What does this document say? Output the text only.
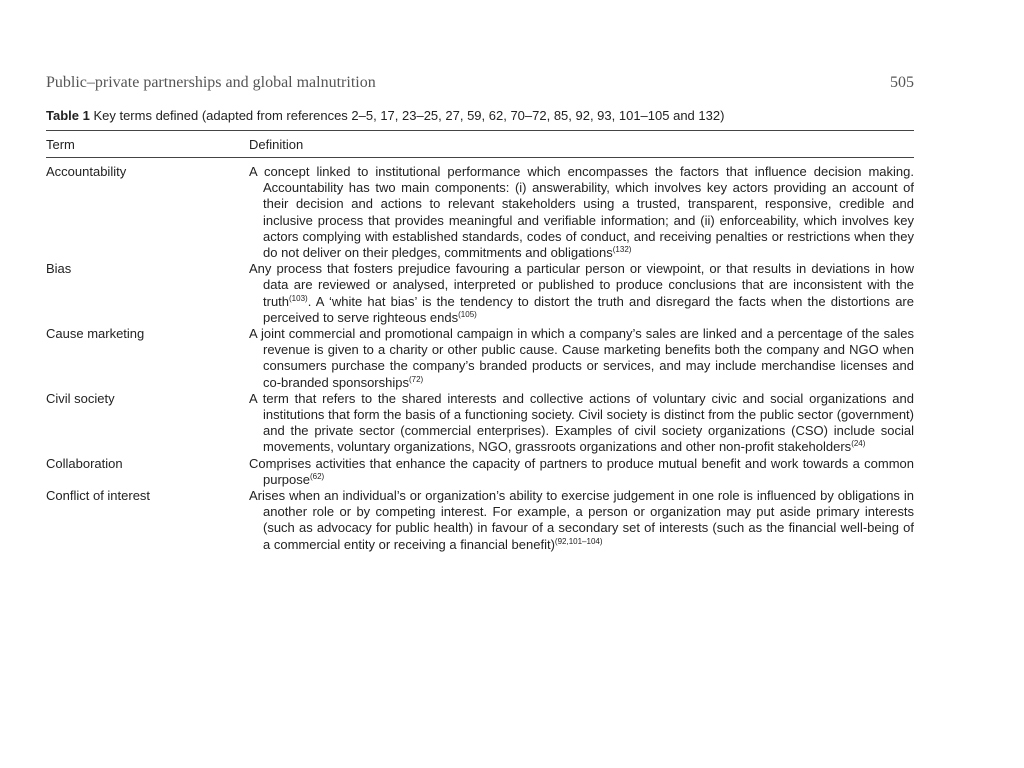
Public–private partnerships and global malnutrition	505
Table 1 Key terms defined (adapted from references 2–5, 17, 23–25, 27, 59, 62, 70–72, 85, 92, 93, 101–105 and 132)
Term	Definition
Accountability	A concept linked to institutional performance which encompasses the factors that influence decision making. Accountability has two main components: (i) answerability, which involves key actors providing an account of their decision and actions to relevant stakeholders using a trusted, transparent, responsive, credible and inclusive process that provides meaningful and verifiable information; and (ii) enforceability, which involves key actors complying with established standards, codes of conduct, and receiving penalties or restrictions when they do not deliver on their pledges, commitments and obligations$^{(132)}$
Bias	Any process that fosters prejudice favouring a particular person or viewpoint, or that results in deviations in how data are reviewed or analysed, interpreted or published to produce conclusions that are inconsistent with the truth$^{(103)}$. A ‘white hat bias’ is the tendency to distort the truth and disregard the facts when the distortions are perceived to serve righteous ends$^{(105)}$
Cause marketing	A joint commercial and promotional campaign in which a company’s sales are linked and a percentage of the sales revenue is given to a charity or other public cause. Cause marketing benefits both the company and NGO when consumers purchase the company’s branded products or services, and may include merchandise licenses and co-branded sponsorships$^{(72)}$
Civil society	A term that refers to the shared interests and collective actions of voluntary civic and social organizations and institutions that form the basis of a functioning society. Civil society is distinct from the public sector (government) and the private sector (commercial enterprises). Examples of civil society organizations (CSO) include social movements, voluntary organizations, NGO, grassroots organizations and other non-profit stakeholders$^{(24)}$
Collaboration	Comprises activities that enhance the capacity of partners to produce mutual benefit and work towards a common purpose$^{(62)}$
Conflict of interest	Arises when an individual’s or organization’s ability to exercise judgement in one role is influenced by obligations in another role or by competing interest. For example, a person or organization may put aside primary interests (such as advocacy for public health) in favour of a secondary set of interests (such as the financial well-being of a commercial entity or receiving a financial benefit)$^{(92,101-104)}$
